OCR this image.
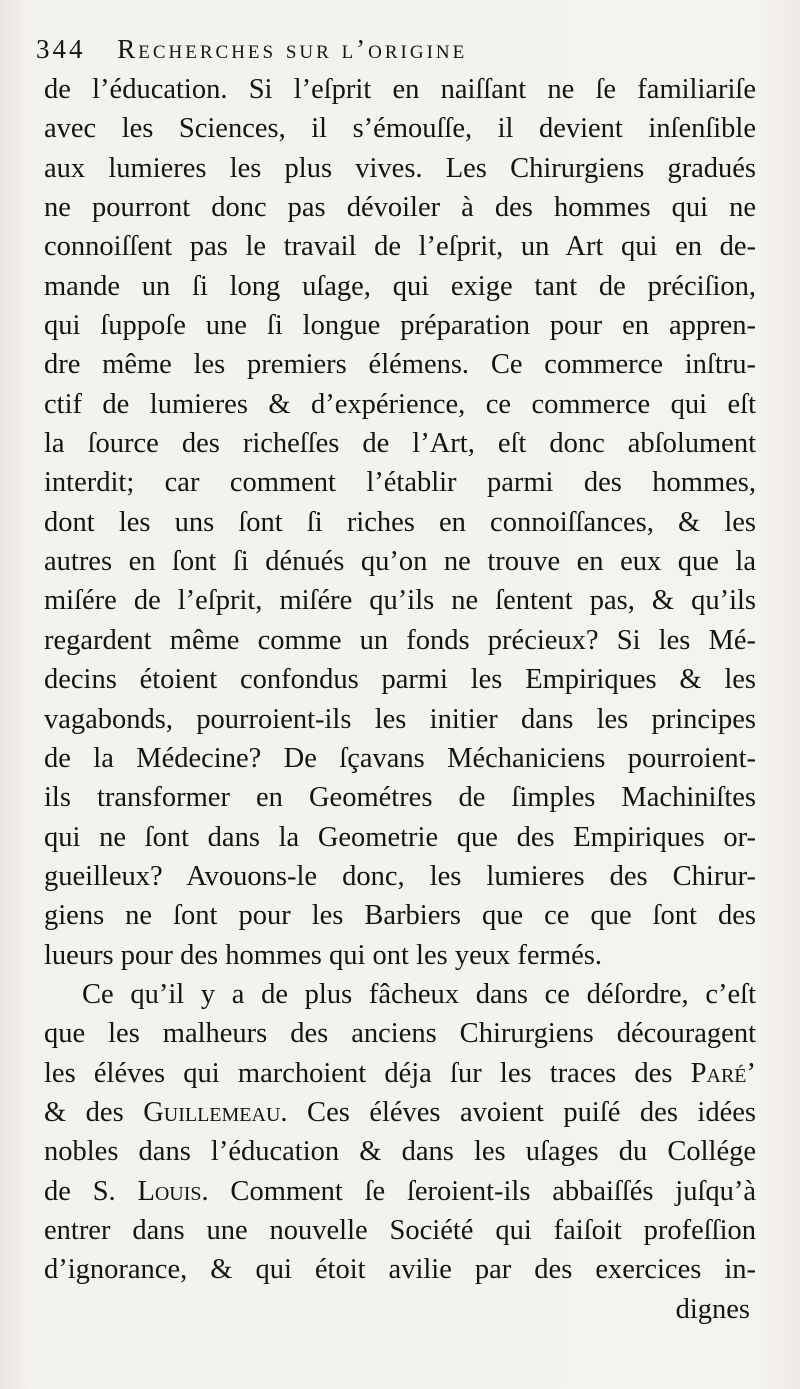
344 Recherches sur l’origine
de l’éducation. Si l’eſprit en naiſſant ne ſe familiariſe
avec les Sciences, il s’émouſſe, il devient inſenſible
aux lumieres les plus vives. Les Chirurgiens gradués
ne pourront donc pas dévoiler à des hommes qui ne
connoiſſent pas le travail de l’eſprit, un Art qui en de-
mande un ſi long uſage, qui exige tant de préciſion,
qui ſuppoſe une ſi longue préparation pour en appren-
dre même les premiers élémens. Ce commerce inſtru-
ctif de lumieres & d’expérience, ce commerce qui eſt
la ſource des richeſſes de l’Art, eſt donc abſolument
interdit; car comment l’établir parmi des hommes,
dont les uns ſont ſi riches en connoiſſances, & les
autres en ſont ſi dénués qu’on ne trouve en eux que la
miſére de l’eſprit, miſére qu’ils ne ſentent pas, & qu’ils
regardent même comme un fonds précieux? Si les Mé-
decins étoient confondus parmi les Empiriques & les
vagabonds, pourroient-ils les initier dans les principes
de la Médecine? De ſçavans Méchaniciens pourroient-
ils transformer en Geométres de ſimples Machiniſtes
qui ne ſont dans la Geometrie que des Empiriques or-
gueilleux? Avouons-le donc, les lumieres des Chirur-
giens ne ſont pour les Barbiers que ce que ſont des
lueurs pour des hommes qui ont les yeux fermés.
Ce qu’il y a de plus fâcheux dans ce déſordre, c’eſt
que les malheurs des anciens Chirurgiens découragent
les éléves qui marchoient déja ſur les traces des Paré’
& des Guillemeau. Ces éléves avoient puiſé des idées
nobles dans l’éducation & dans les uſages du Collége
de S. Louis. Comment ſe ſeroient-ils abbaiſſés juſqu’à
entrer dans une nouvelle Société qui faiſoit profeſſion
d’ignorance, & qui étoit avilie par des exercices in-
dignes
